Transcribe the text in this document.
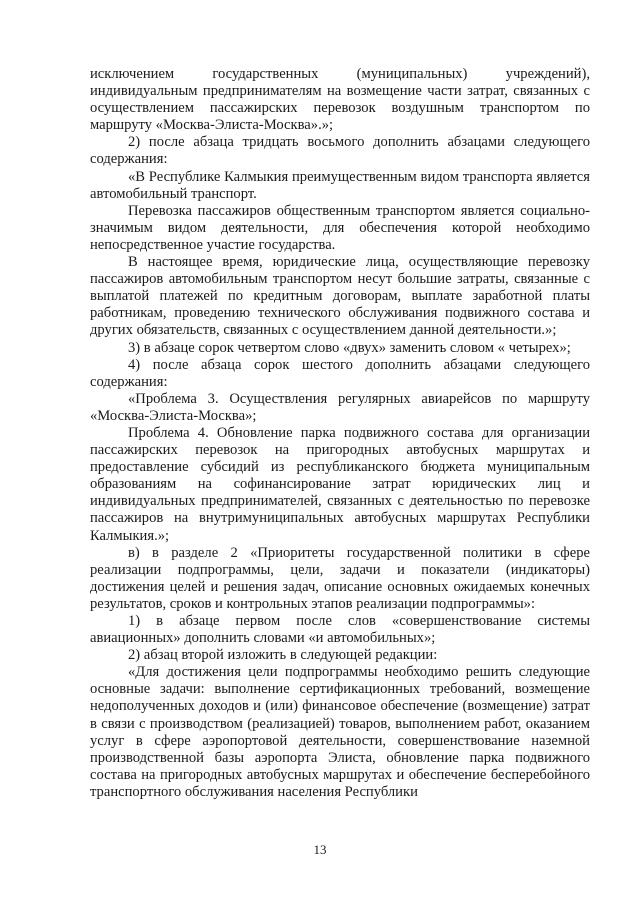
исключением государственных (муниципальных) учреждений), индивидуальным предпринимателям на возмещение части затрат, связанных с осуществлением пассажирских перевозок воздушным транспортом по маршруту «Москва-Элиста-Москва».»;

2) после абзаца тридцать восьмого дополнить абзацами следующего содержания:

«В Республике Калмыкия преимущественным видом транспорта является автомобильный транспорт.

Перевозка пассажиров общественным транспортом является социально-значимым видом деятельности, для обеспечения которой необходимо непосредственное участие государства.

В настоящее время, юридические лица, осуществляющие перевозку пассажиров автомобильным транспортом несут большие затраты, связанные с выплатой платежей по кредитным договорам, выплате заработной платы работникам, проведению технического обслуживания подвижного состава и других обязательств, связанных с осуществлением данной деятельности.»;

3) в абзаце сорок четвертом слово «двух» заменить словом « четырех»;

4) после абзаца сорок шестого дополнить абзацами следующего содержания:

«Проблема 3. Осуществления регулярных авиарейсов по маршруту «Москва-Элиста-Москва»;

Проблема 4. Обновление парка подвижного состава для организации пассажирских перевозок на пригородных автобусных маршрутах и предоставление субсидий из республиканского бюджета муниципальным образованиям на софинансирование затрат юридических лиц и индивидуальных предпринимателей, связанных с деятельностью по перевозке пассажиров на внутримуниципальных автобусных маршрутах Республики Калмыкия.»;

в) в разделе 2 «Приоритеты государственной политики в сфере реализации подпрограммы, цели, задачи и показатели (индикаторы) достижения целей и решения задач, описание основных ожидаемых конечных результатов, сроков и контрольных этапов реализации подпрограммы»:

1) в абзаце первом после слов «совершенствование системы авиационных» дополнить словами «и автомобильных»;

2) абзац второй изложить в следующей редакции:

«Для достижения цели подпрограммы необходимо решить следующие основные задачи: выполнение сертификационных требований, возмещение недополученных доходов и (или) финансовое обеспечение (возмещение) затрат в связи с производством (реализацией) товаров, выполнением работ, оказанием услуг в сфере аэропортовой деятельности, совершенствование наземной производственной базы аэропорта Элиста, обновление парка подвижного состава на пригородных автобусных маршрутах и обеспечение бесперебойного транспортного обслуживания населения Республики

13
